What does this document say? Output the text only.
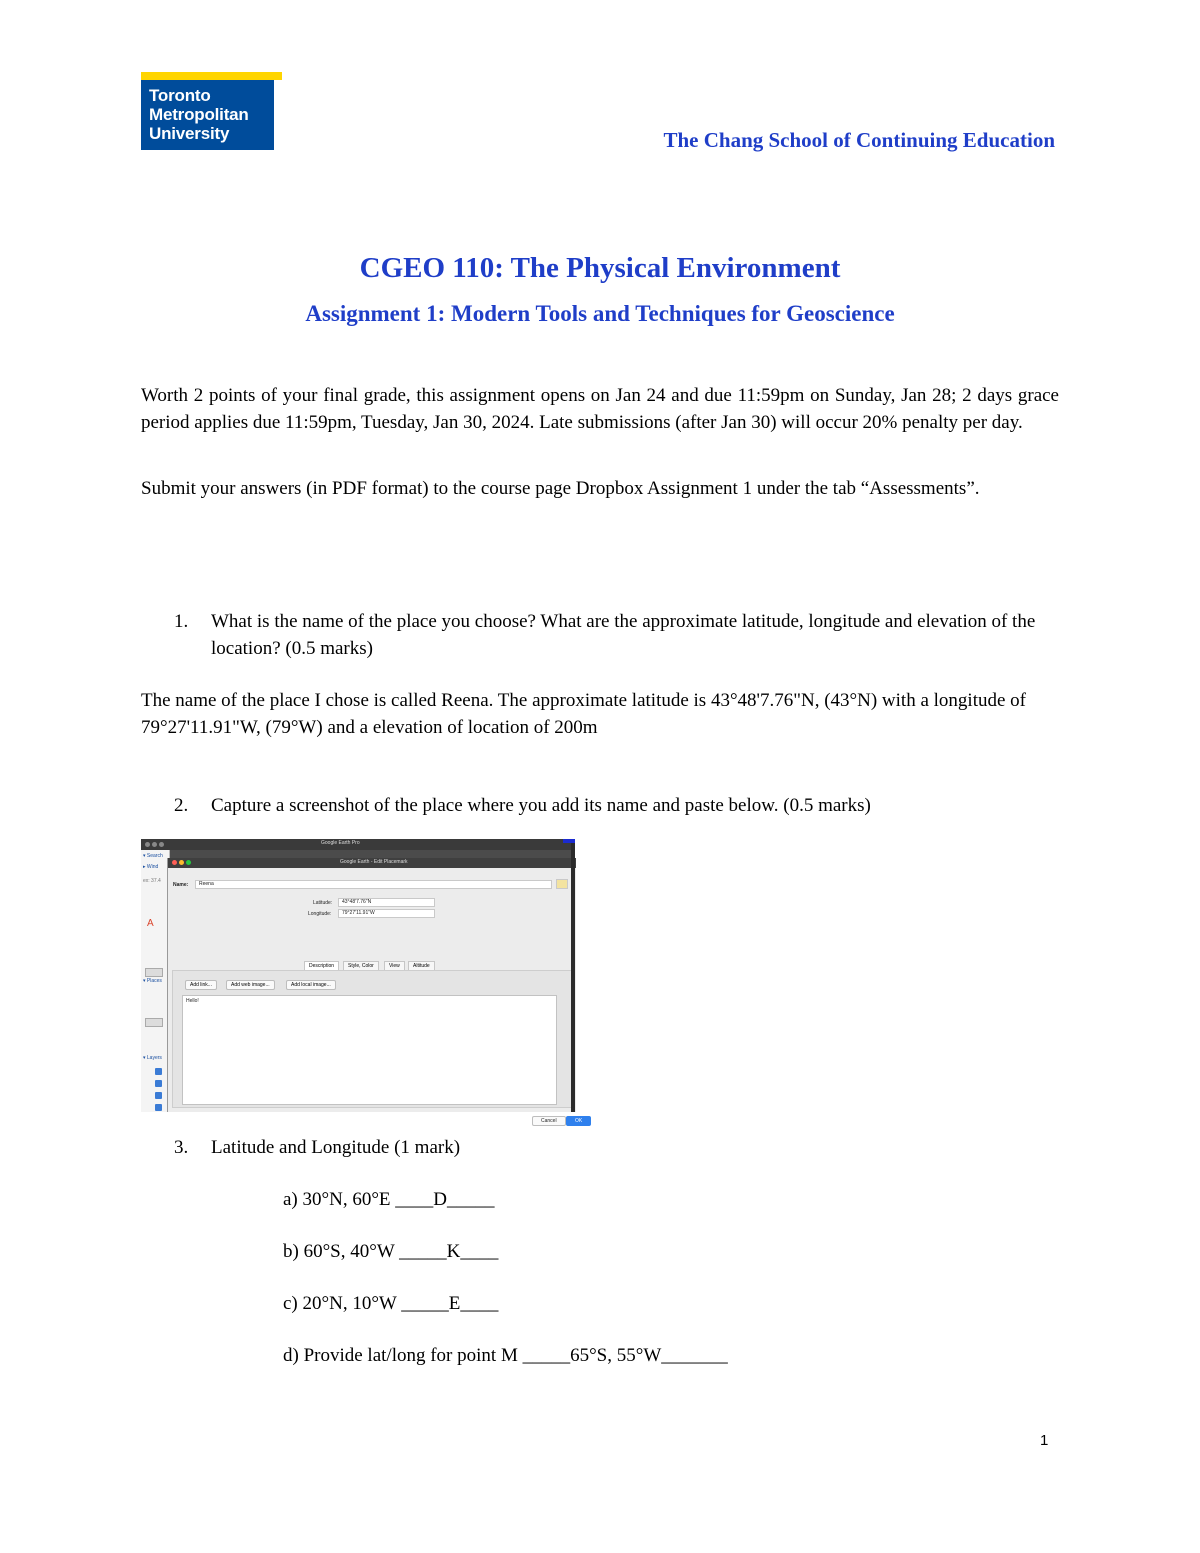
Toronto
Metropolitan
University	The Chang School of Continuing Education
CGEO 110: The Physical Environment
Assignment 1: Modern Tools and Techniques for Geoscience
Worth 2 points of your final grade, this assignment opens on Jan 24 and due 11:59pm on Sunday, Jan 28; 2 days grace period applies due 11:59pm, Tuesday, Jan 30, 2024. Late submissions (after Jan 30) will occur 20% penalty per day.
Submit your answers (in PDF format) to the course page Dropbox Assignment 1 under the tab “Assessments”.
1. What is the name of the place you choose? What are the approximate latitude, longitude and elevation of the location? (0.5 marks)
The name of the place I chose is called Reena. The approximate latitude is 43°48'7.76"N, (43°N) with a longitude of 79°27'11.91"W, (79°W) and a elevation of location of 200m
2. Capture a screenshot of the place where you add its name and paste below. (0.5 marks)
Google Earth Pro
▾ Search
▸ Wind
ex: 37.4
A
▾ Places
▾ Layers
Google Earth - Edit Placemark
Name: Reena
Latitude: 43°48'7.76"N
Longitude: 79°27'11.91"W
Description	Style, Color	View	Altitude
Add link...	Add web image...	Add local image...
Hello!
Cancel	OK
3. Latitude and Longitude (1 mark)
a) 30°N, 60°E ____D_____
b) 60°S, 40°W _____K____
c) 20°N, 10°W _____E____
d) Provide lat/long for point M _____65°S, 55°W_______
1
